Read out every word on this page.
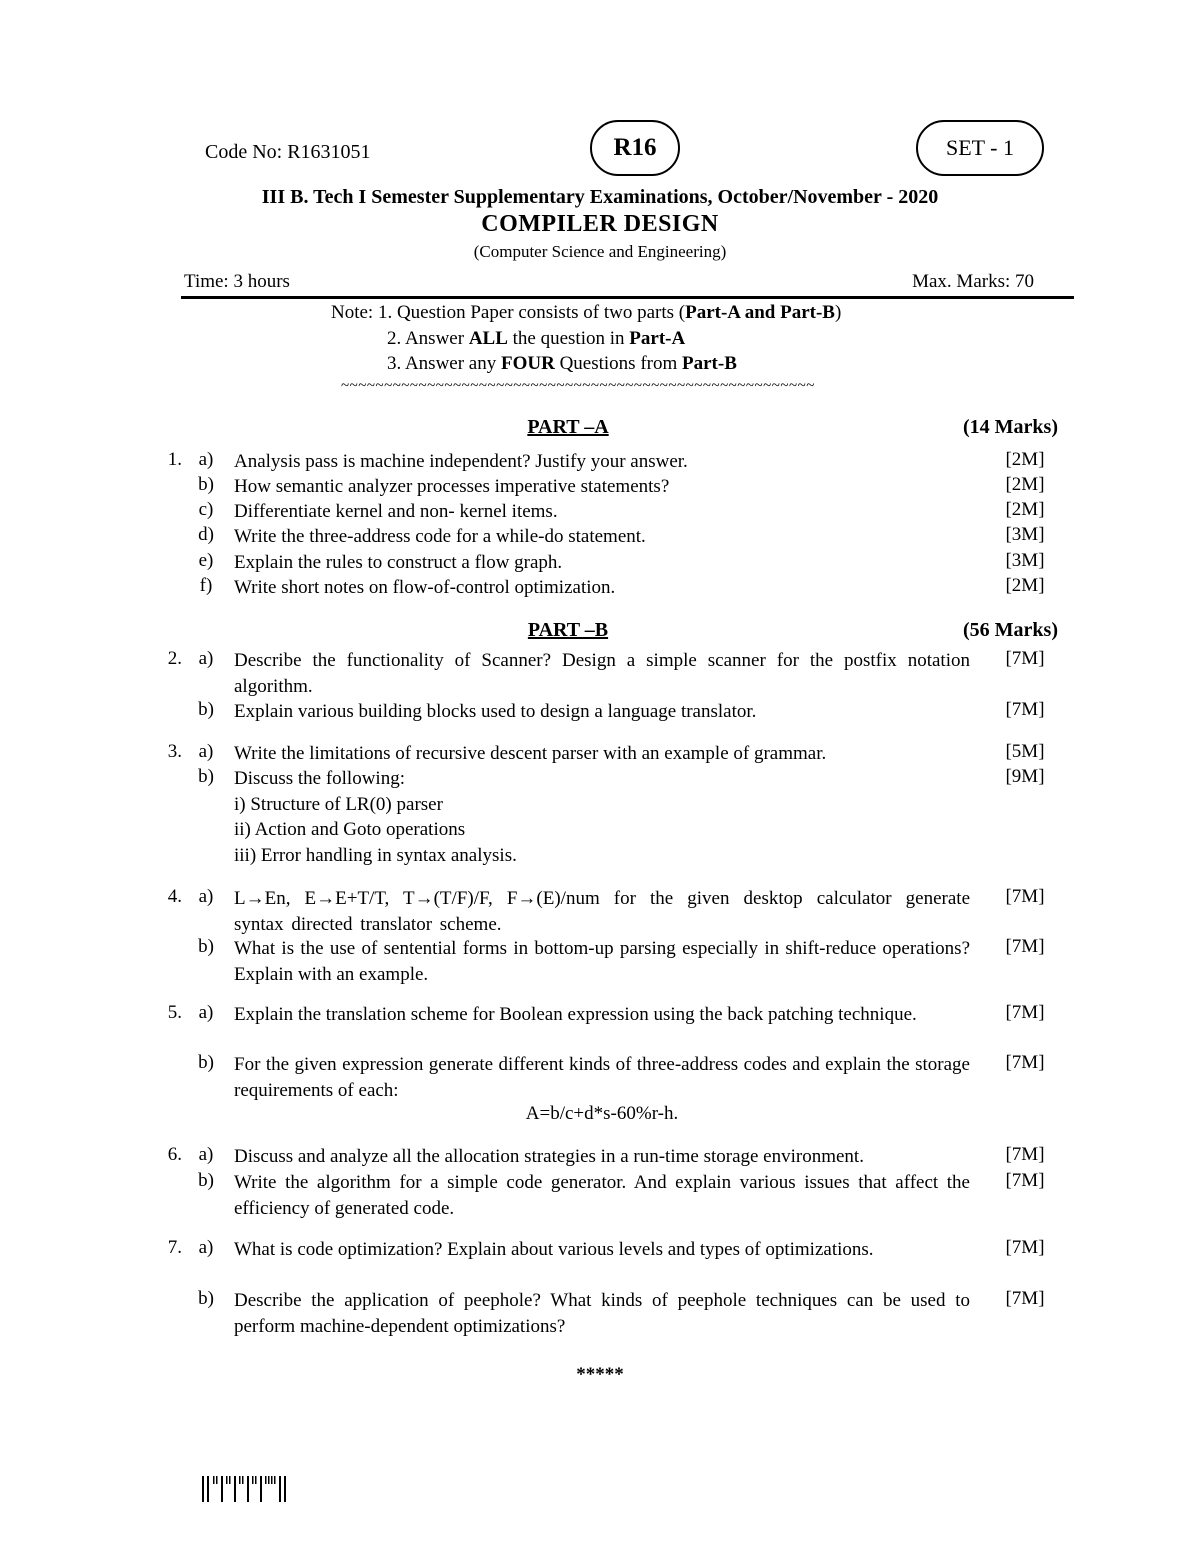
Code No: R1631051	R16	SET - 1
III B. Tech I Semester Supplementary Examinations, October/November - 2020
COMPILER DESIGN
(Computer Science and Engineering)
Time: 3 hours	Max. Marks: 70
Note: 1. Question Paper consists of two parts (Part-A and Part-B)
2. Answer ALL the question in Part-A
3. Answer any FOUR Questions from Part-B
~~~~~~~~~~~~~~~~~~~~~~~~~~~~~~~~~~~~~~~~~~~~~~~~~~~~~~~
PART –A	(14 Marks)
1. a) Analysis pass is machine independent? Justify your answer.	[2M]
b) How semantic analyzer processes imperative statements?	[2M]
c) Differentiate kernel and non- kernel items.	[2M]
d) Write the three-address code for a while-do statement.	[3M]
e) Explain the rules to construct a flow graph.	[3M]
f) Write short notes on flow-of-control optimization.	[2M]
PART –B	(56 Marks)
2. a) Describe the functionality of Scanner? Design a simple scanner for the postfix notation algorithm.
[7M]
b) Explain various building blocks used to design a language translator.	[7M]
3. a) Write the limitations of recursive descent parser with an example of grammar.	[5M]
b) Discuss the following:	[9M]
i) Structure of LR(0) parser
ii) Action and Goto operations
iii) Error handling in syntax analysis.
4. a) L→En, E→E+T/T, T→(T/F)/F, F→(E)/num for the given desktop calculator generate syntax directed translator scheme.
[7M]
b) What is the use of sentential forms in bottom-up parsing especially in shift-reduce operations? Explain with an example.
[7M]
5. a) Explain the translation scheme for Boolean expression using the back patching technique.	[7M]
b) For the given expression generate different kinds of three-address codes and explain the storage requirements of each:
[7M]
A=b/c+d*s-60%r-h.
6. a) Discuss and analyze all the allocation strategies in a run-time storage environment.	[7M]
b) Write the algorithm for a simple code generator. And explain various issues that affect the efficiency of generated code.
[7M]
7. a) What is code optimization? Explain about various levels and types of optimizations.	[7M]
b) Describe the application of peephole? What kinds of peephole techniques can be used to perform machine-dependent optimizations?
[7M]
*****
